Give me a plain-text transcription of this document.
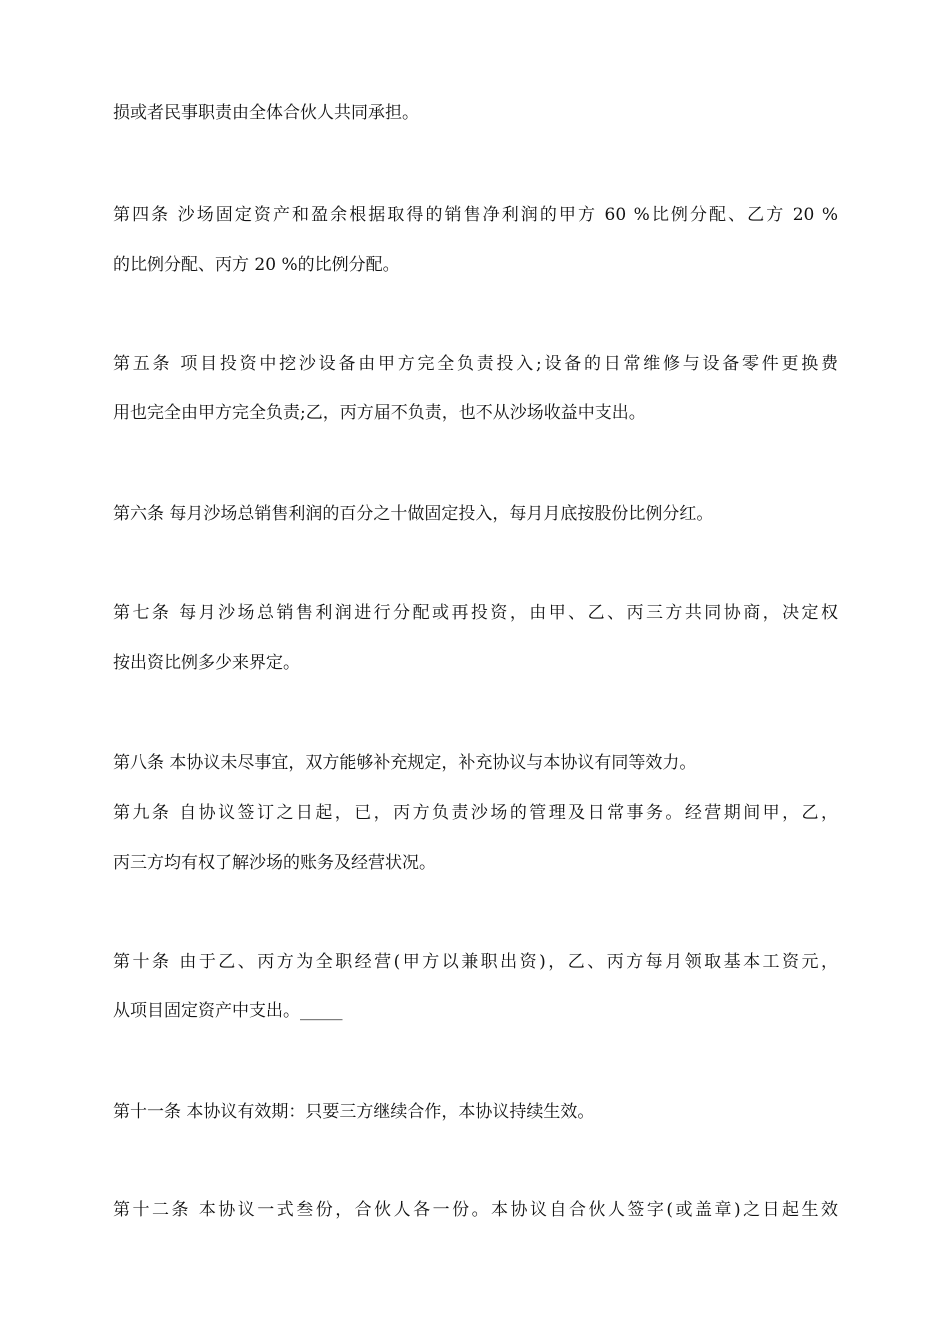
损或者民事职责由全体合伙人共同承担。
第四条 沙场固定资产和盈余根据取得的销售净利润的甲方 60 %比例分配、乙方 20 %
的比例分配、丙方 20 %的比例分配。
第五条 项目投资中挖沙设备由甲方完全负责投入;设备的日常维修与设备零件更换费
用也完全由甲方完全负责;乙，丙方届不负责，也不从沙场收益中支出。
第六条 每月沙场总销售利润的百分之十做固定投入，每月月底按股份比例分红。
第七条 每月沙场总销售利润进行分配或再投资，由甲、乙、丙三方共同协商，决定权
按出资比例多少来界定。
第八条 本协议未尽事宜，双方能够补充规定，补充协议与本协议有同等效力。
第九条 自协议签订之日起，已，丙方负责沙场的管理及日常事务。经营期间甲，乙，
丙三方均有权了解沙场的账务及经营状况。
第十条 由于乙、丙方为全职经营(甲方以兼职出资)，乙、丙方每月领取基本工资元，
从项目固定资产中支出。_____
第十一条 本协议有效期：只要三方继续合作，本协议持续生效。
第十二条 本协议一式叁份，合伙人各一份。本协议自合伙人签字(或盖章)之日起生效
